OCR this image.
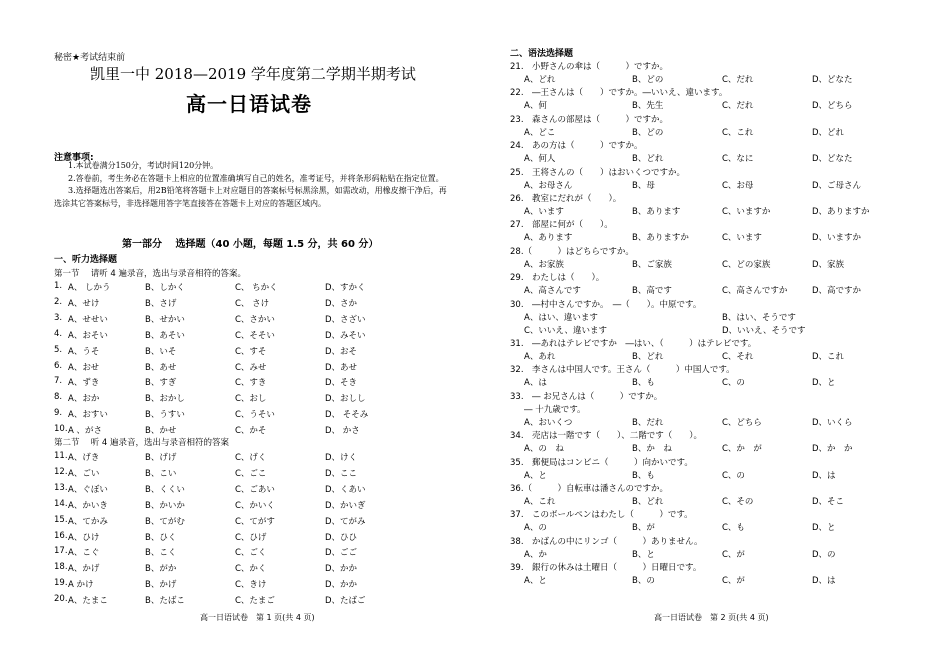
秘密★考试结束前
凯里一中 2018—2019 学年度第二学期半期考试
高一日语试卷
注意事项:

1.本试卷满分150分，考试时间120分钟。

2.答卷前，考生务必在答题卡上相应的位置准确填写自己的姓名，准考证号，并将条形码粘贴在指定位置。

3.选择题选出答案后，用2B铅笔将答题卡上对应题目的答案标号标黑涂黑，如需改动，用橡皮擦干净后，再选涂其它答案标号，非选择题用答字笔直接答在答题卡上对应的答题区域内。

第一部分　 选择题（40 小题，每题 1.5 分，共 60 分）
一、听力选择题
第一节　 请听 4 遍录音，选出与录音相符的答案。
1. A、 しかう	B、しかく	C、 ちかく	D、すかく
2. A、せけ	B、さげ	C、 さけ	D、さか
3. A、せせい	B、せかい	C、さかい	D、さざい
4. A、おそい	B、あそい	C、そそい	D、みそい
5. A、うそ	B、いそ	C、すそ	D、おそ
6. A、おせ	B、あせ	C、みせ	D、あせ
7. A、ずき	B、すぎ	C、すき	D、そき
8. A、おか	B、おかし	C、おし	D、おしし
9. A、おすい	B、うすい	C、うそい	D、 そそみ
10. A 、がさ	B、かせ	C、かそ	D、 かさ
第二节　 听 4 遍录音，选出与录音相符的答案
11. A、げき	B、げげ	C、げく	D、けく
12. A、ごい	B、こい	C、ごこ	D、ここ
13. A、ぐぼい	B、くくい	C、ごあい	D、くあい
14. A、かいき	B、かいか	C、かいく	D、かいぎ
15. A、てかみ	B、てがむ	C、てがす	D、てがみ
16. A、ひけ	B、ひく	C、ひげ	D、ひひ
17. A、こぐ	B、こく	C、ごく	D、ごご
18. A、かげ	B、がか	C、かく	D、かか
19. A かけ	B、かげ	C、きけ	D、かか
20. A、たまこ	B、たばこ	C、たまご	D、たばご
高一日语试卷　第 1 页(共 4 页)
二、语法选择题
21.　小野さんの傘は（　　　）ですか。
A、どれ	B、どの	C、だれ	D、どなた
22.　―王さんは（　　）ですか。―いいえ、違います。
A、何	B、先生	C、だれ	D、どちら
23.　森さんの部屋は（　　　）ですか。
A、どこ	B、どの	C、これ	D、どれ
24.　あの方は（　　　）ですか。
A、何人	B、どれ	C、なに	D、どなた
25.　王将さんの（　　）はおいくつですか。
A、お母さん	B、母	C、お母	D、ご母さん
26.　教室にだれが（　　）。
A、います	B、あります	C、いますか	D、ありますか
27.　部屋に何が（　　）。
A、あります	B、ありますか	C、います	D、いますか
28.（　　　）はどちらですか。
A、お家族	B、ご家族	C、どの家族	D、家族
29.　わたしは（　　）。
A、高さんです	B、高です	C、高さんですか	D、高ですか
30.　―村中さんですか。　―（　　）。中原です。
A、はい、違います	B、はい、そうです
C、いいえ、違います	D、いいえ、そうです
31.　―あれはテレビですか　―はい、（　　　）はテレビです。
A、あれ	B、どれ	C、それ	D、これ
32.　李さんは中国人です。王さん（　　　）中国人です。
A、は	B、も	C、の	D、と
33.　― お兄さんは（　　　）ですか。
― 十九歳です。
A、おいくつ	B、だれ	C、どちら	D、いくら
34.　売店は一階です（　　）、二階です（　　）。
A、の　ね	B、か　ね	C、か　が	D、か　か
35.　郵便局はコンビニ（　　　）向かいです。
A、と	B、も	C、の	D、は
36.（　　　）自転車は潘さんのですか。
A、これ	B、どれ	C、その	D、そこ
37.　このボールペンはわたし（　　　）です。
A、の	B、が	C、も	D、と
38.　かばんの中にリンゴ（　　　）ありません。
A、か	B、と	C、が	D、の
39.　銀行の休みは土曜日（　　　）日曜日です。
A、と	B、の	C、が	D、は
高一日语试卷　第 2 页(共 4 页)
